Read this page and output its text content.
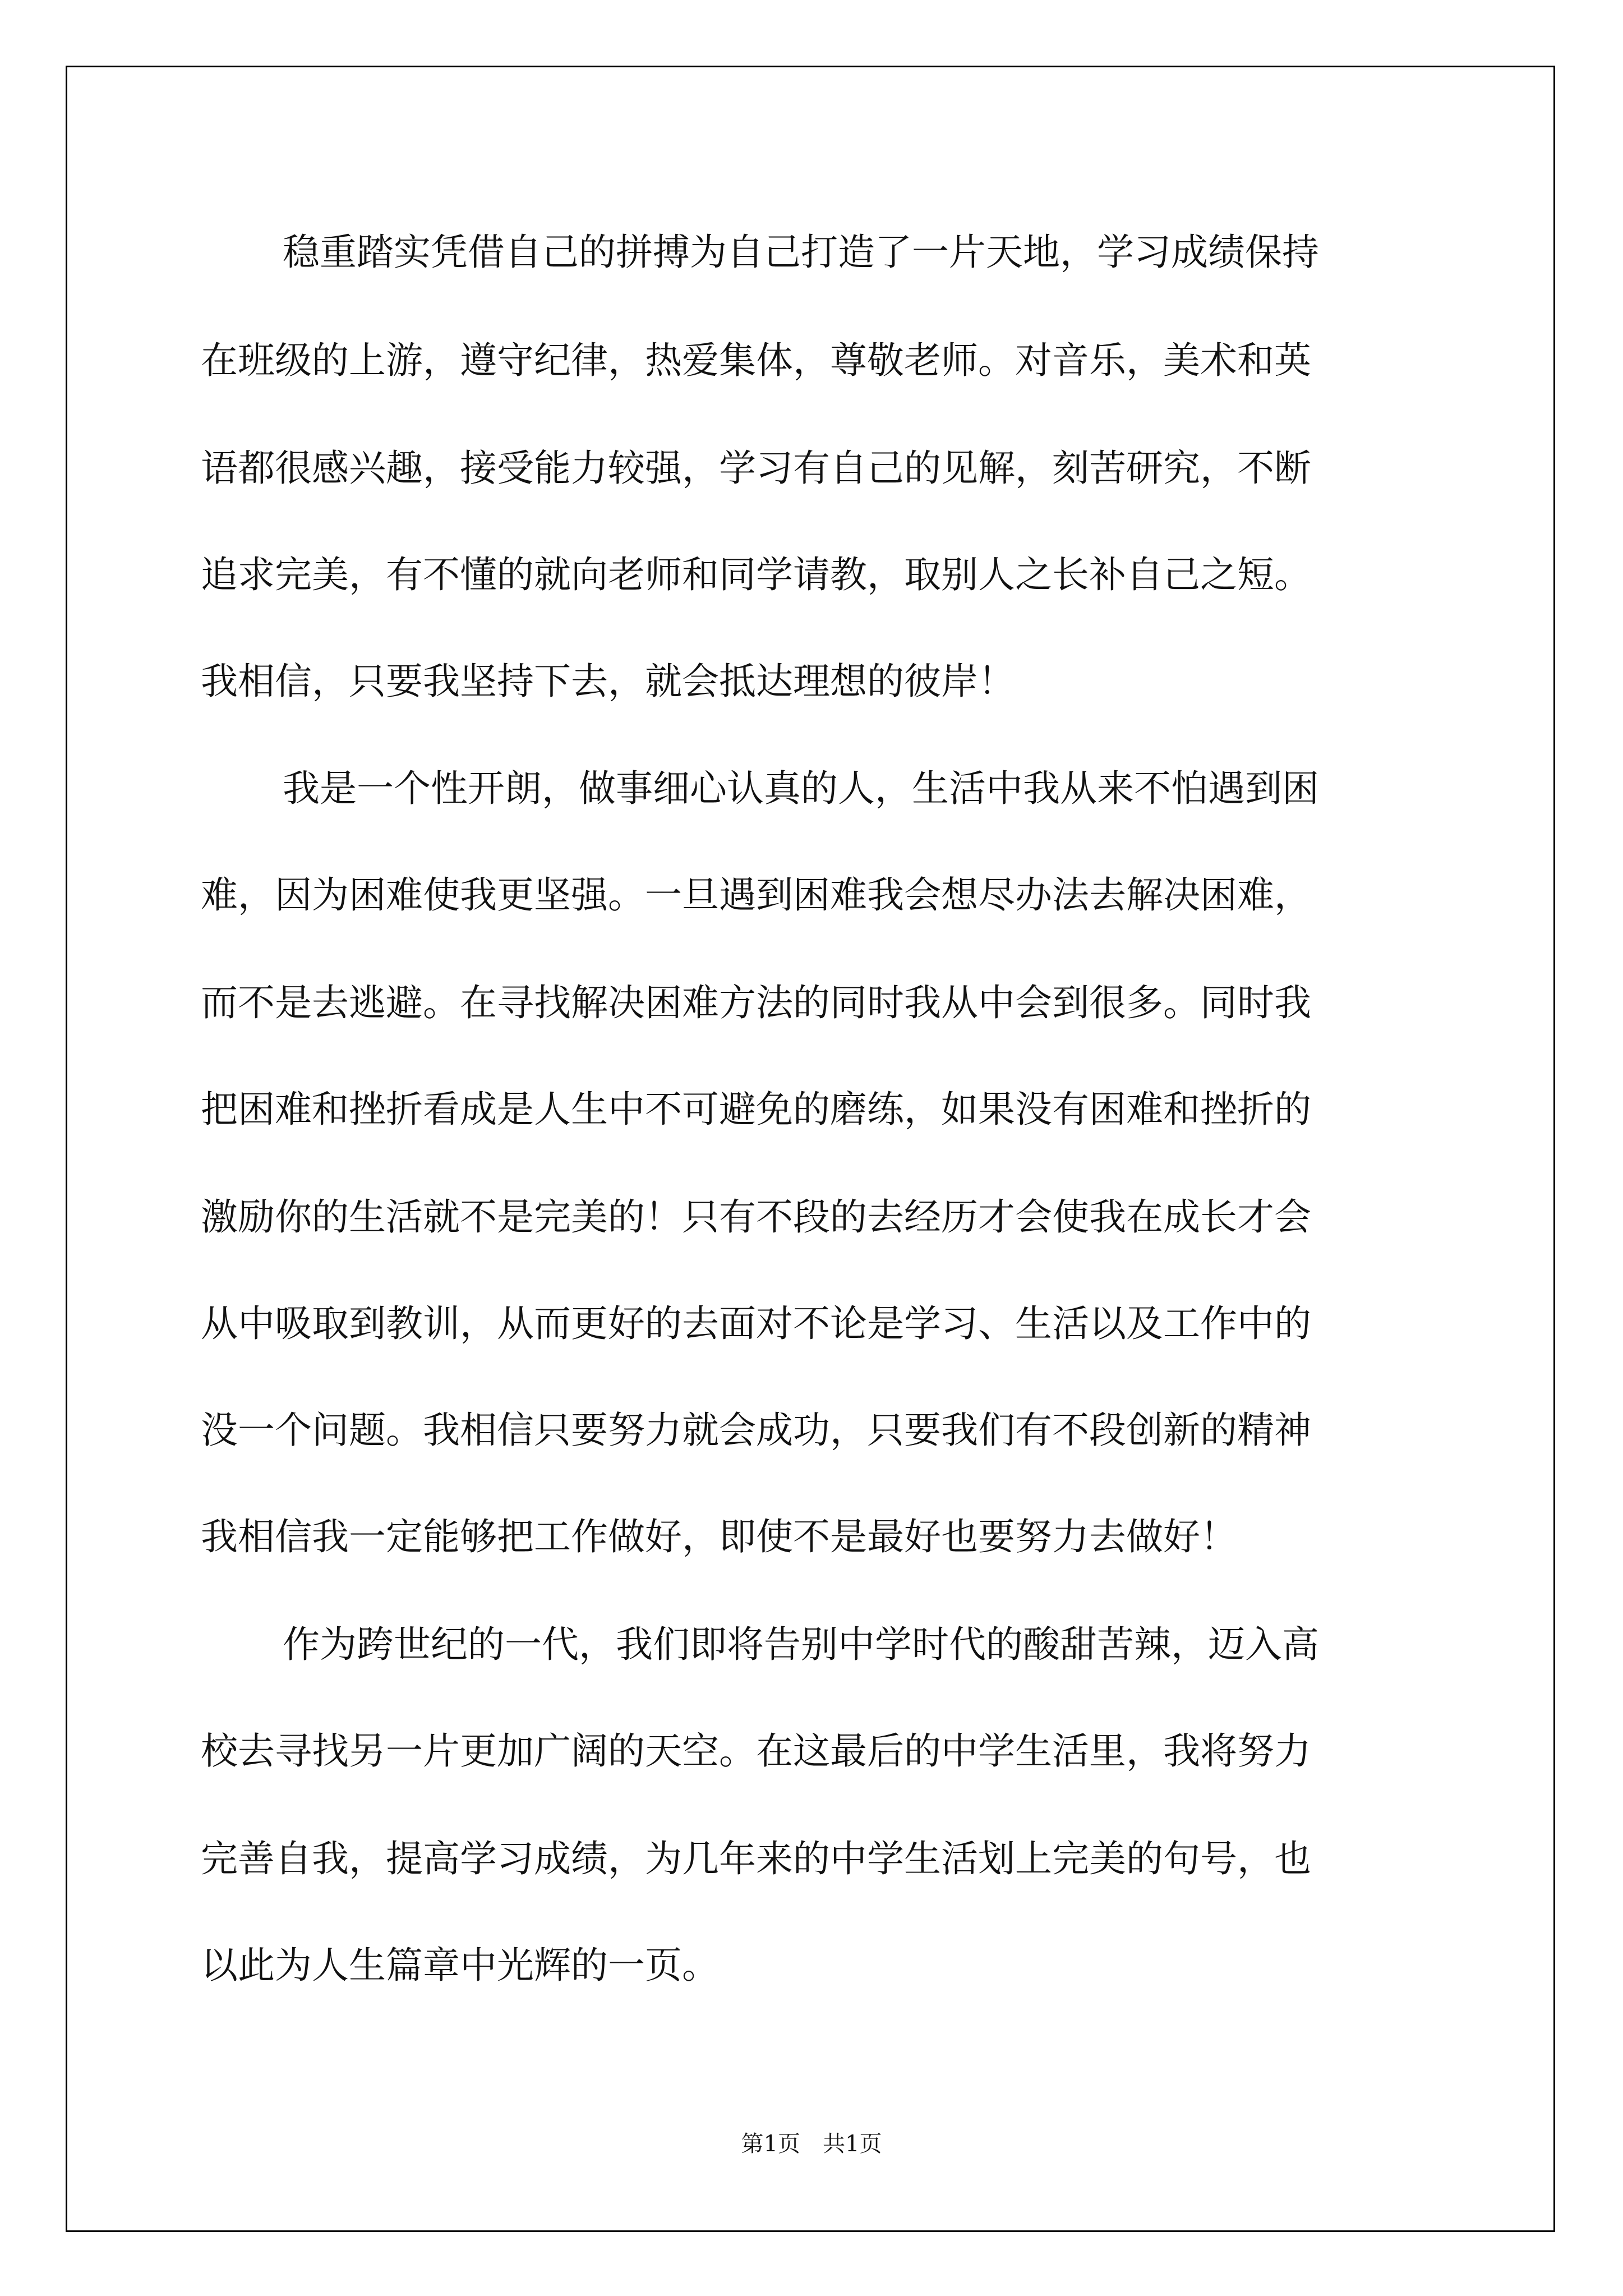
稳重踏实凭借自己的拼搏为自己打造了一片天地，学习成绩保持

在班级的上游，遵守纪律，热爱集体，尊敬老师。对音乐，美术和英

语都很感兴趣，接受能力较强，学习有自己的见解，刻苦研究，不断

追求完美，有不懂的就向老师和同学请教，取别人之长补自己之短。

我相信，只要我坚持下去，就会抵达理想的彼岸！

我是一个性开朗，做事细心认真的人，生活中我从来不怕遇到困

难，因为困难使我更坚强。一旦遇到困难我会想尽办法去解决困难，

而不是去逃避。在寻找解决困难方法的同时我从中会到很多。同时我

把困难和挫折看成是人生中不可避免的磨练，如果没有困难和挫折的

激励你的生活就不是完美的！只有不段的去经历才会使我在成长才会

从中吸取到教训，从而更好的去面对不论是学习、生活以及工作中的

没一个问题。我相信只要努力就会成功，只要我们有不段创新的精神

我相信我一定能够把工作做好，即使不是最好也要努力去做好！

作为跨世纪的一代，我们即将告别中学时代的酸甜苦辣，迈入高

校去寻找另一片更加广阔的天空。在这最后的中学生活里，我将努力

完善自我，提高学习成绩，为几年来的中学生活划上完美的句号，也

以此为人生篇章中光辉的一页。

第1页　共1页
